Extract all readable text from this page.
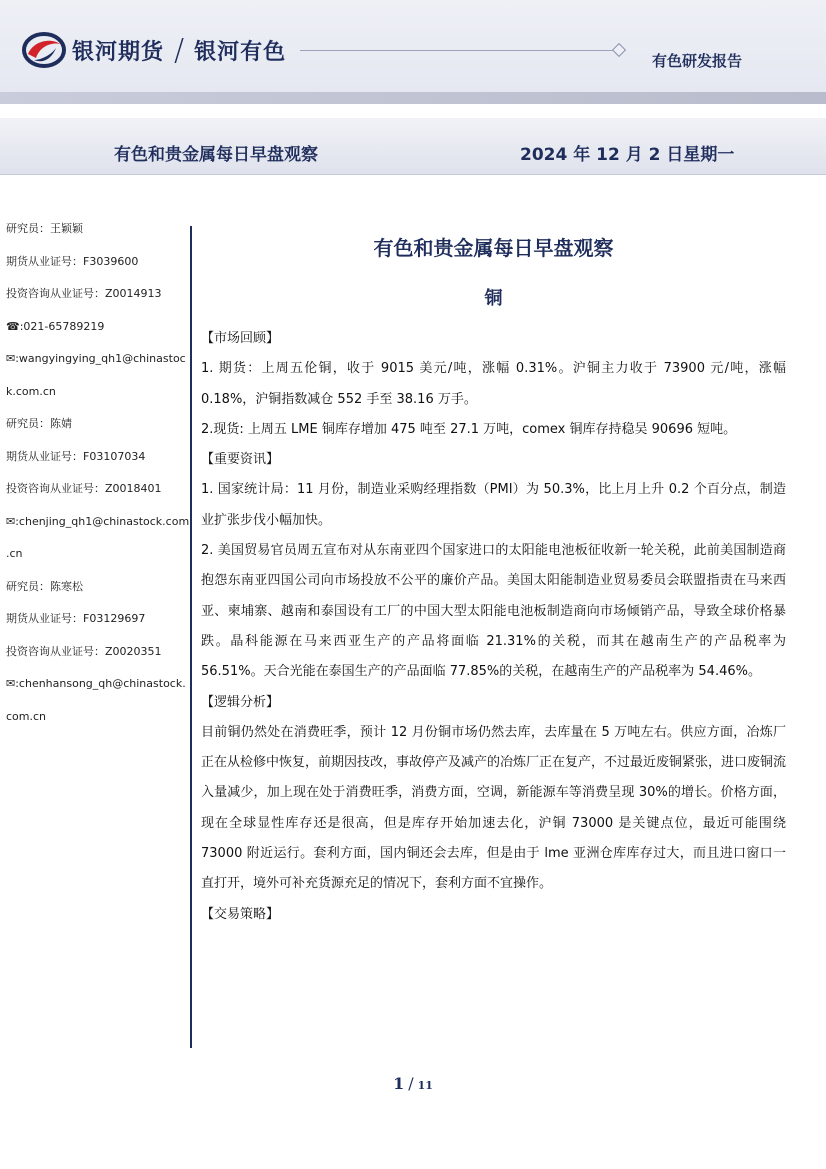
银河期货 / 银河有色	有色研发报告
有色和贵金属每日早盘观察	2024 年 12 月 2 日星期一
研究员：王颖颖
期货从业证号：F3039600
投资咨询从业证号：Z0014913
☎:021-65789219
✉:wangyingying_qh1@chinastoc
k.com.cn
研究员：陈婧
期货从业证号：F03107034
投资咨询从业证号：Z0018401
✉:chenjing_qh1@chinastock.com
.cn
研究员：陈寒松
期货从业证号：F03129697
投资咨询从业证号：Z0020351
✉:chenhansong_qh@chinastock.
com.cn
有色和贵金属每日早盘观察
铜
【市场回顾】
1. 期货：上周五伦铜，收于 9015 美元/吨，涨幅 0.31%。沪铜主力收于 73900 元/吨，涨幅 0.18%，沪铜指数减仓 552 手至 38.16 万手。
2.现货: 上周五 LME 铜库存增加 475 吨至 27.1 万吨，comex 铜库存持稳吴 90696 短吨。
【重要资讯】
1. 国家统计局：11 月份，制造业采购经理指数（PMI）为 50.3%，比上月上升 0.2 个百分点，制造业扩张步伐小幅加快。
2. 美国贸易官员周五宣布对从东南亚四个国家进口的太阳能电池板征收新一轮关税，此前美国制造商抱怨东南亚四国公司向市场投放不公平的廉价产品。美国太阳能制造业贸易委员会联盟指责在马来西亚、柬埔寨、越南和泰国设有工厂的中国大型太阳能电池板制造商向市场倾销产品，导致全球价格暴跌。晶科能源在马来西亚生产的产品将面临 21.31%的关税，而其在越南生产的产品税率为 56.51%。天合光能在泰国生产的产品面临 77.85%的关税，在越南生产的产品税率为 54.46%。
【逻辑分析】
目前铜仍然处在消费旺季，预计 12 月份铜市场仍然去库，去库量在 5 万吨左右。供应方面，冶炼厂正在从检修中恢复，前期因技改，事故停产及减产的冶炼厂正在复产，不过最近废铜紧张，进口废铜流入量减少，加上现在处于消费旺季，消费方面，空调，新能源车等消费呈现 30%的增长。价格方面，现在全球显性库存还是很高，但是库存开始加速去化，沪铜 73000 是关键点位，最近可能围绕 73000 附近运行。套利方面，国内铜还会去库，但是由于 lme 亚洲仓库库存过大，而且进口窗口一直打开，境外可补充货源充足的情况下，套利方面不宜操作。
【交易策略】
1 / 11
